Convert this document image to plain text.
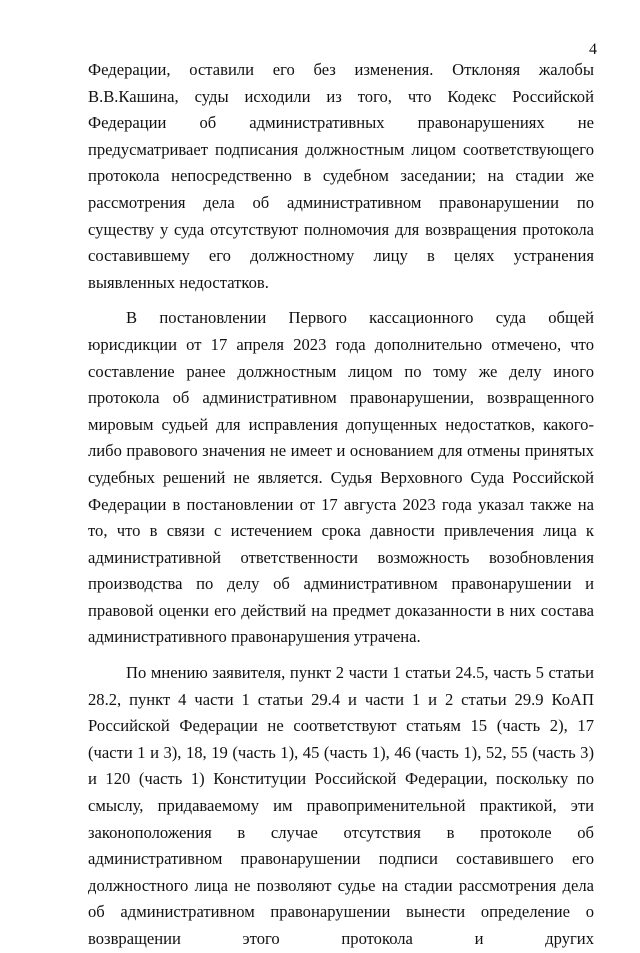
4

Федерации, оставили его без изменения. Отклоняя жалобы В.В.Кашина, суды исходили из того, что Кодекс Российской Федерации об административных правонарушениях не предусматривает подписания должностным лицом соответствующего протокола непосредственно в судебном заседании; на стадии же рассмотрения дела об административном правонарушении по существу у суда отсутствуют полномочия для возвращения протокола составившему его должностному лицу в целях устранения выявленных недостатков.

В постановлении Первого кассационного суда общей юрисдикции от 17 апреля 2023 года дополнительно отмечено, что составление ранее должностным лицом по тому же делу иного протокола об административном правонарушении, возвращенного мировым судьей для исправления допущенных недостатков, какого-либо правового значения не имеет и основанием для отмены принятых судебных решений не является. Судья Верховного Суда Российской Федерации в постановлении от 17 августа 2023 года указал также на то, что в связи с истечением срока давности привлечения лица к административной ответственности возможность возобновления производства по делу об административном правонарушении и правовой оценки его действий на предмет доказанности в них состава административного правонарушения утрачена.

По мнению заявителя, пункт 2 части 1 статьи 24.5, часть 5 статьи 28.2, пункт 4 части 1 статьи 29.4 и части 1 и 2 статьи 29.9 КоАП Российской Федерации не соответствуют статьям 15 (часть 2), 17 (части 1 и 3), 18, 19 (часть 1), 45 (часть 1), 46 (часть 1), 52, 55 (часть 3) и 120 (часть 1) Конституции Российской Федерации, поскольку по смыслу, придаваемому им правоприменительной практикой, эти законоположения в случае отсутствия в протоколе об административном правонарушении подписи составившего его должностного лица не позволяют судье на стадии рассмотрения дела об административном правонарушении вынести определение о возвращении этого протокола и других
